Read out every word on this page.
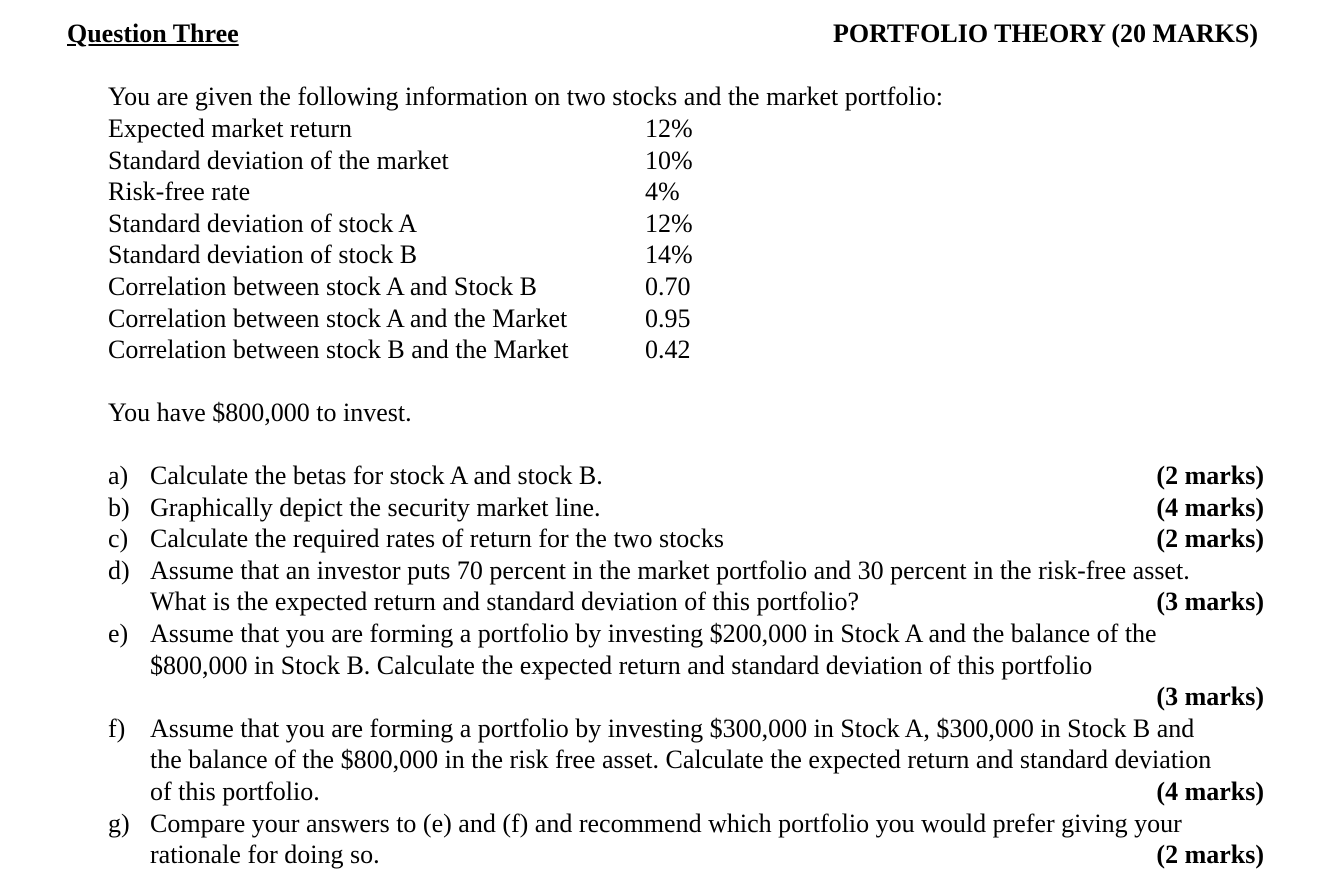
Question Three	PORTFOLIO THEORY (20 MARKS)
You are given the following information on two stocks and the market portfolio:
Expected market return	12%
Standard deviation of the market	10%
Risk-free rate	4%
Standard deviation of stock A	12%
Standard deviation of stock B	14%
Correlation between stock A and Stock B	0.70
Correlation between stock A and the Market	0.95
Correlation between stock B and the Market	0.42
You have $800,000 to invest.
a) Calculate the betas for stock A and stock B.	(2 marks)
b) Graphically depict the security market line.	(4 marks)
c) Calculate the required rates of return for the two stocks	(2 marks)
d) Assume that an investor puts 70 percent in the market portfolio and 30 percent in the risk-free asset.
What is the expected return and standard deviation of this portfolio?	(3 marks)
e) Assume that you are forming a portfolio by investing $200,000 in Stock A and the balance of the
$800,000 in Stock B. Calculate the expected return and standard deviation of this portfolio
(3 marks)
f) Assume that you are forming a portfolio by investing $300,000 in Stock A, $300,000 in Stock B and
the balance of the $800,000 in the risk free asset. Calculate the expected return and standard deviation
of this portfolio.	(4 marks)
g) Compare your answers to (e) and (f) and recommend which portfolio you would prefer giving your
rationale for doing so.	(2 marks)
